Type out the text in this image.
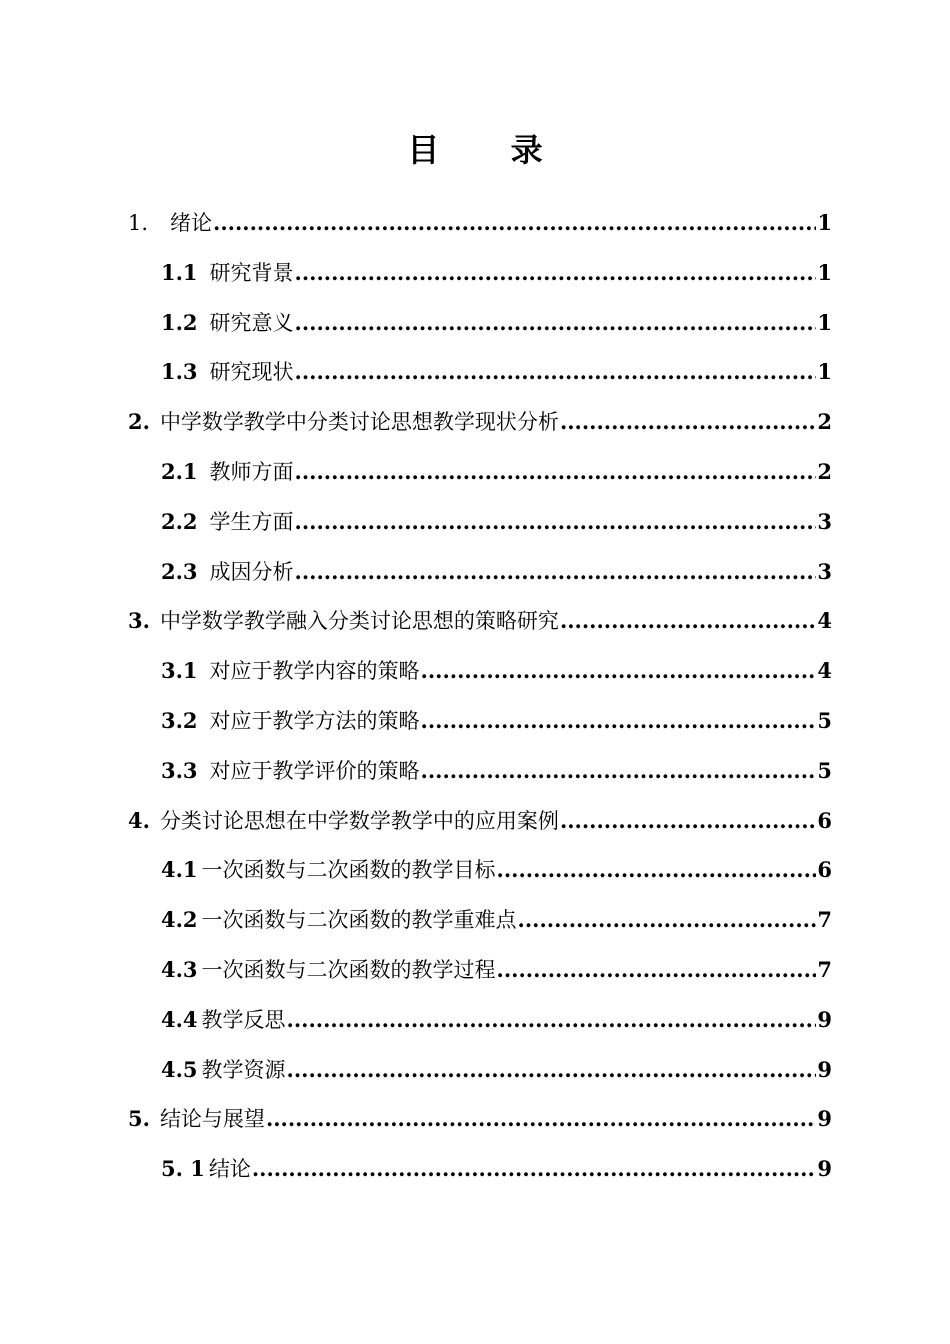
目 录
1. 绪论 .....	1
1.1 研究背景 .....	1
1.2 研究意义 .....	1
1.3 研究现状 .....	1
2. 中学数学教学中分类讨论思想教学现状分析 .....	2
2.1 教师方面 .....	2
2.2 学生方面 .....	3
2.3 成因分析 .....	3
3. 中学数学教学融入分类讨论思想的策略研究 .....	4
3.1 对应于教学内容的策略 .....	4
3.2 对应于教学方法的策略 .....	5
3.3 对应于教学评价的策略 .....	5
4. 分类讨论思想在中学数学教学中的应用案例 .....	6
4.1 一次函数与二次函数的教学目标 .....	6
4.2 一次函数与二次函数的教学重难点 .....	7
4.3 一次函数与二次函数的教学过程 .....	7
4.4 教学反思 .....	9
4.5 教学资源 .....	9
5. 结论与展望 .....	9
5. 1 结论 .....	9
